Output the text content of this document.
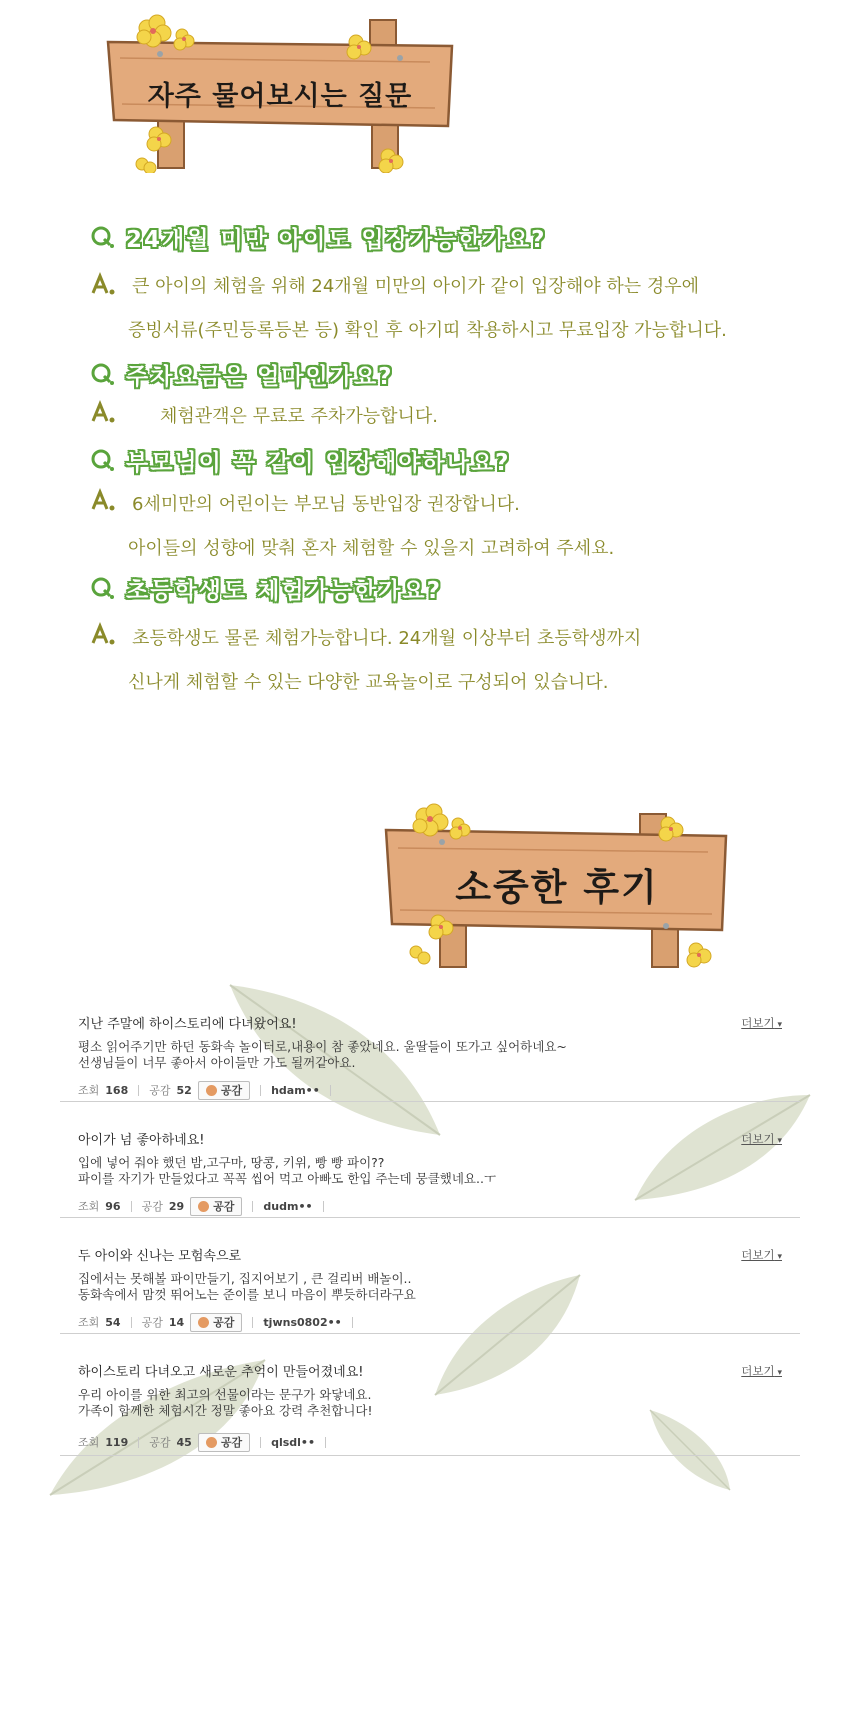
자주 물어보시는 질문
24개월 미만 아이도 입장가능한가요?
큰 아이의 체험을 위해 24개월 미만의 아이가 같이 입장해야 하는 경우에
증빙서류(주민등록등본 등) 확인 후 아기띠 착용하시고 무료입장 가능합니다.
주차요금은 얼마인가요?
체험관객은 무료로 주차가능합니다.
부모님이 꼭 같이 입장해야하나요?
6세미만의 어린이는 부모님 동반입장 권장합니다.
아이들의 성향에 맞춰 혼자 체험할 수 있을지 고려하여 주세요.
초등학생도 체험가능한가요?
초등학생도 물론 체험가능합니다. 24개월 이상부터 초등학생까지
신나게 체험할 수 있는 다양한 교육놀이로 구성되어 있습니다.
소중한 후기
지난 주말에 하이스토리에 다녀왔어요!	더보기 ▾
평소 읽어주기만 하던 동화속 놀이터로,내용이 참 좋았네요. 울딸들이 또가고 싶어하네요~
선생님들이 너무 좋아서 아이들만 가도 될꺼같아요.
조회 168 공감 52	공감	hdam••
아이가 넘 좋아하네요!	더보기 ▾
입에 넣어 줘야 했던 밤,고구마, 땅콩, 키위, 빵 빵 파이??
파이를 자기가 만들었다고 꼭꼭 씹어 먹고 아빠도 한입 주는데 뭉클했네요..ㅜ
조회 96 공감 29	공감	dudm••
두 아이와 신나는 모험속으로	더보기 ▾
집에서는 못해볼 파이만들기, 집지어보기 , 큰 걸리버 배놀이..
동화속에서 맘껏 뛰어노는 준이를 보니 마음이 뿌듯하더라구요
조회 54 공감 14	공감	tjwns0802••
하이스토리 다녀오고 새로운 추억이 만들어졌네요!	더보기 ▾
우리 아이를 위한 최고의 선물이라는 문구가 와닿네요.
가족이 함께한 체험시간 정말 좋아요 강력 추천합니다!
조회 119 공감 45	공감	qlsdl••
